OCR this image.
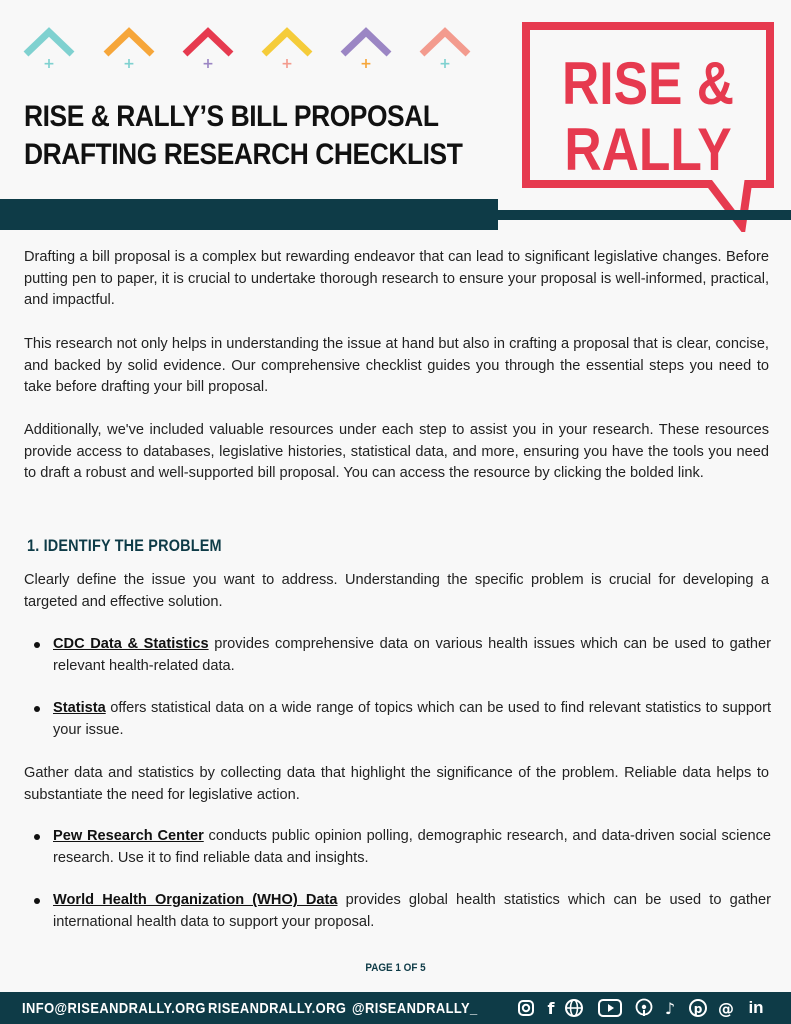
+	+	+	+	+	+
RISE & RALLY’S BILL PROPOSAL
DRAFTING RESEARCH CHECKLIST
RISE &
RALLY

Drafting a bill proposal is a complex but rewarding endeavor that can lead to significant legislative changes. Before putting pen to paper, it is crucial to undertake thorough research to ensure your proposal is well-informed, practical, and impactful.

This research not only helps in understanding the issue at hand but also in crafting a proposal that is clear, concise, and backed by solid evidence. Our comprehensive checklist guides you through the essential steps you need to take before drafting your bill proposal.

Additionally, we've included valuable resources under each step to assist you in your research. These resources provide access to databases, legislative histories, statistical data, and more, ensuring you have the tools you need to draft a robust and well-supported bill proposal. You can access the resource by clicking the bolded link.

1. IDENTIFY THE PROBLEM

Clearly define the issue you want to address. Understanding the specific problem is crucial for developing a targeted and effective solution.

CDC Data & Statistics provides comprehensive data on various health issues which can be used to gather relevant health-related data.
Statista offers statistical data on a wide range of topics which can be used to find relevant statistics to support your issue.

Gather data and statistics by collecting data that highlight the significance of the problem. Reliable data helps to substantiate the need for legislative action.

Pew Research Center conducts public opinion polling, demographic research, and data-driven social science research. Use it to find reliable data and insights.
World Health Organization (WHO) Data provides global health statistics which can be used to gather international health data to support your proposal.
PAGE 1 OF 5
INFO@RISEANDRALLY.ORG RISEANDRALLY.ORG @RISEANDRALLY_	f	♪	p @ in
